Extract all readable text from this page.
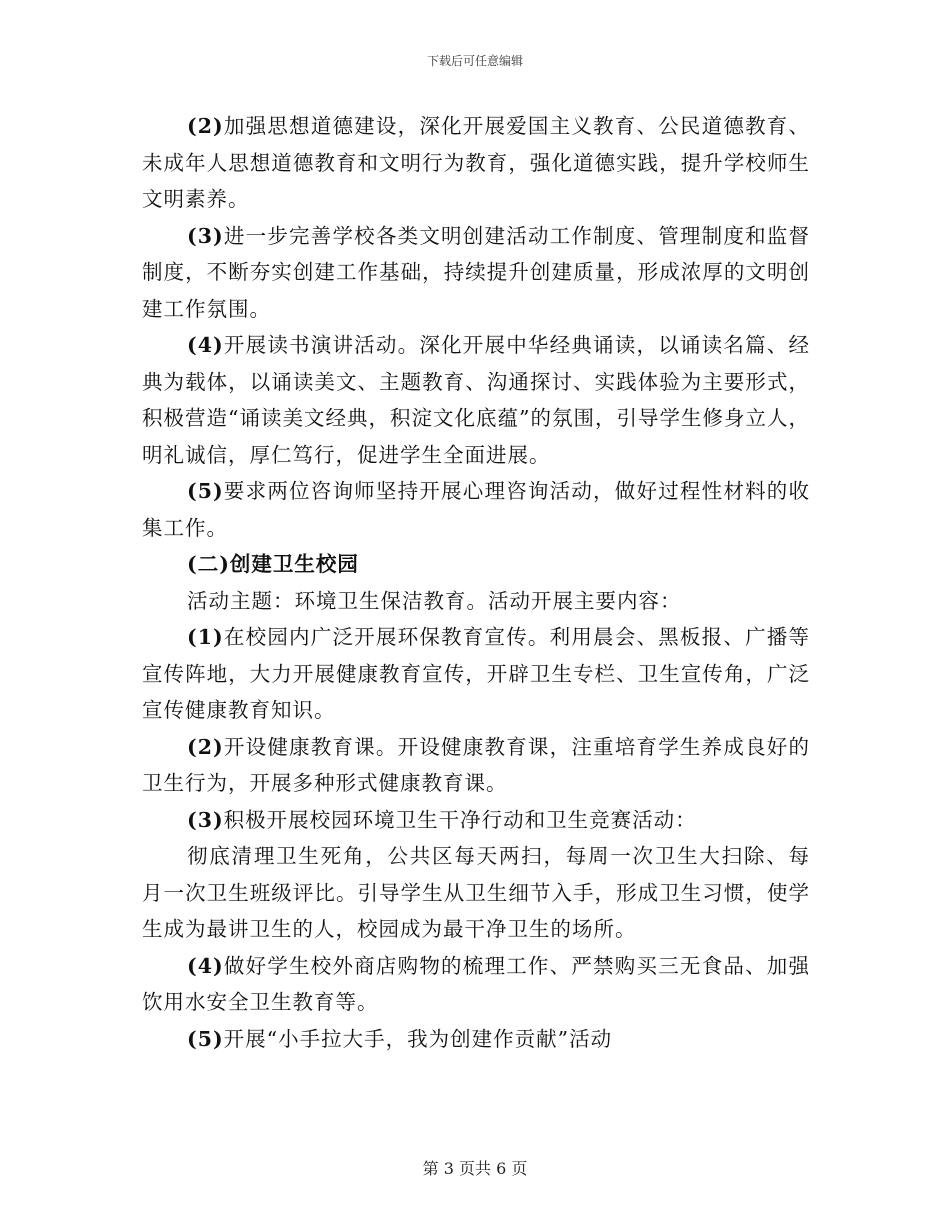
下载后可任意编辑

(2)加强思想道德建设，深化开展爱国主义教育、公民道德教育、未成年人思想道德教育和文明行为教育，强化道德实践，提升学校师生文明素养。

(3)进一步完善学校各类文明创建活动工作制度、管理制度和监督制度，不断夯实创建工作基础，持续提升创建质量，形成浓厚的文明创建工作氛围。

(4)开展读书演讲活动。深化开展中华经典诵读，以诵读名篇、经典为载体，以诵读美文、主题教育、沟通探讨、实践体验为主要形式，积极营造“诵读美文经典，积淀文化底蕴”的氛围，引导学生修身立人，明礼诚信，厚仁笃行，促进学生全面进展。

(5)要求两位咨询师坚持开展心理咨询活动，做好过程性材料的收集工作。

(二)创建卫生校园

活动主题：环境卫生保洁教育。活动开展主要内容：

(1)在校园内广泛开展环保教育宣传。利用晨会、黑板报、广播等宣传阵地，大力开展健康教育宣传，开辟卫生专栏、卫生宣传角，广泛宣传健康教育知识。

(2)开设健康教育课。开设健康教育课，注重培育学生养成良好的卫生行为，开展多种形式健康教育课。

(3)积极开展校园环境卫生干净行动和卫生竞赛活动：

彻底清理卫生死角，公共区每天两扫，每周一次卫生大扫除、每月一次卫生班级评比。引导学生从卫生细节入手，形成卫生习惯，使学生成为最讲卫生的人，校园成为最干净卫生的场所。

(4)做好学生校外商店购物的梳理工作、严禁购买三无食品、加强饮用水安全卫生教育等。

(5)开展“小手拉大手，我为创建作贡献”活动

第 3 页共 6 页
